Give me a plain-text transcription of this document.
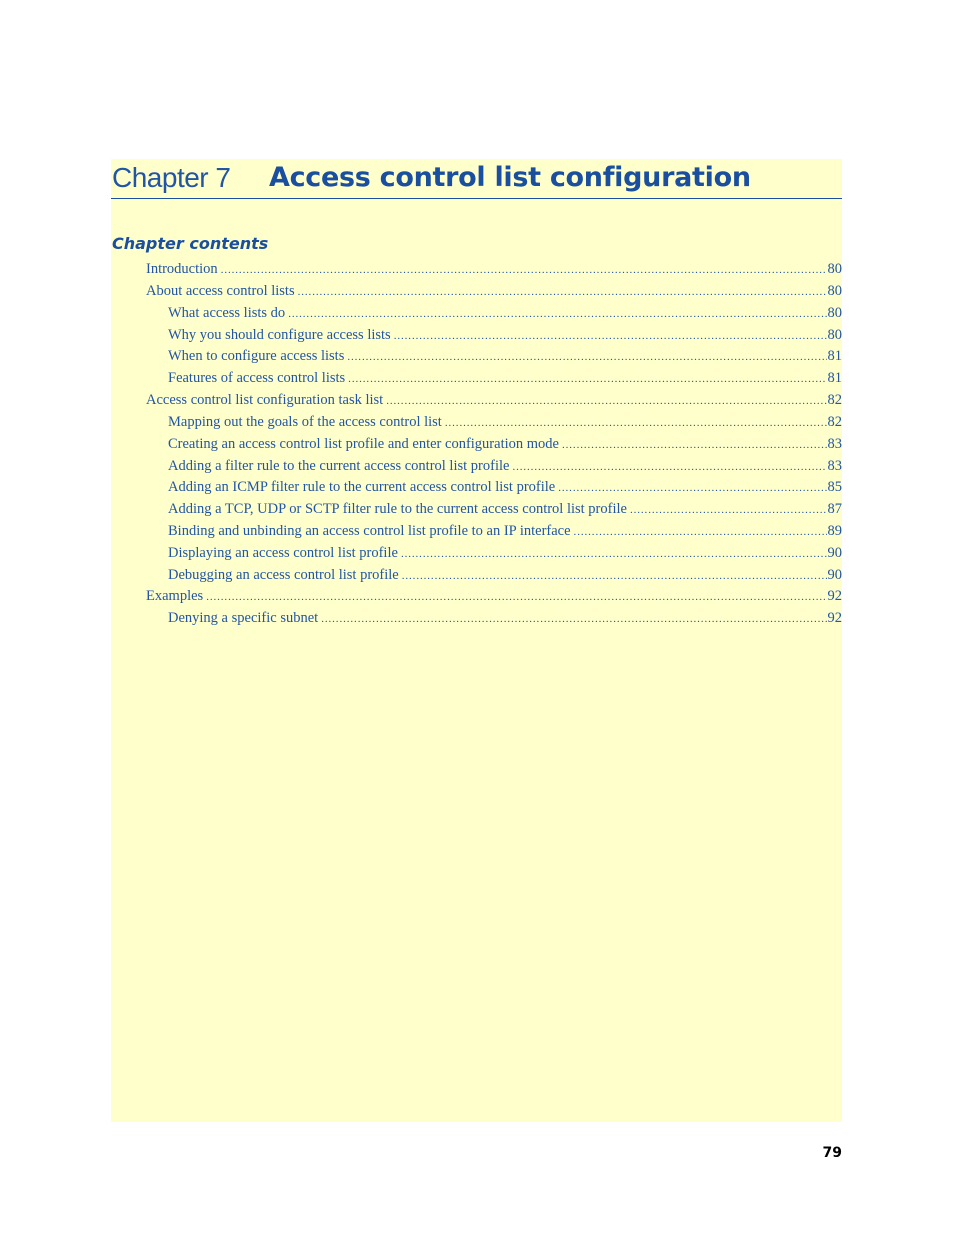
Chapter 7 Access control list configuration
Chapter contents
Introduction .....	80
About access control lists .....	80
What access lists do .....	80
Why you should configure access lists .....	80
When to configure access lists .....	81
Features of access control lists .....	81
Access control list configuration task list .....	82
Mapping out the goals of the access control list .....	82
Creating an access control list profile and enter configuration mode .....	83
Adding a filter rule to the current access control list profile .....	83
Adding an ICMP filter rule to the current access control list profile .....	85
Adding a TCP, UDP or SCTP filter rule to the current access control list profile .....	87
Binding and unbinding an access control list profile to an IP interface .....	89
Displaying an access control list profile .....	90
Debugging an access control list profile .....	90
Examples .....	92
Denying a specific subnet .....	92
79
